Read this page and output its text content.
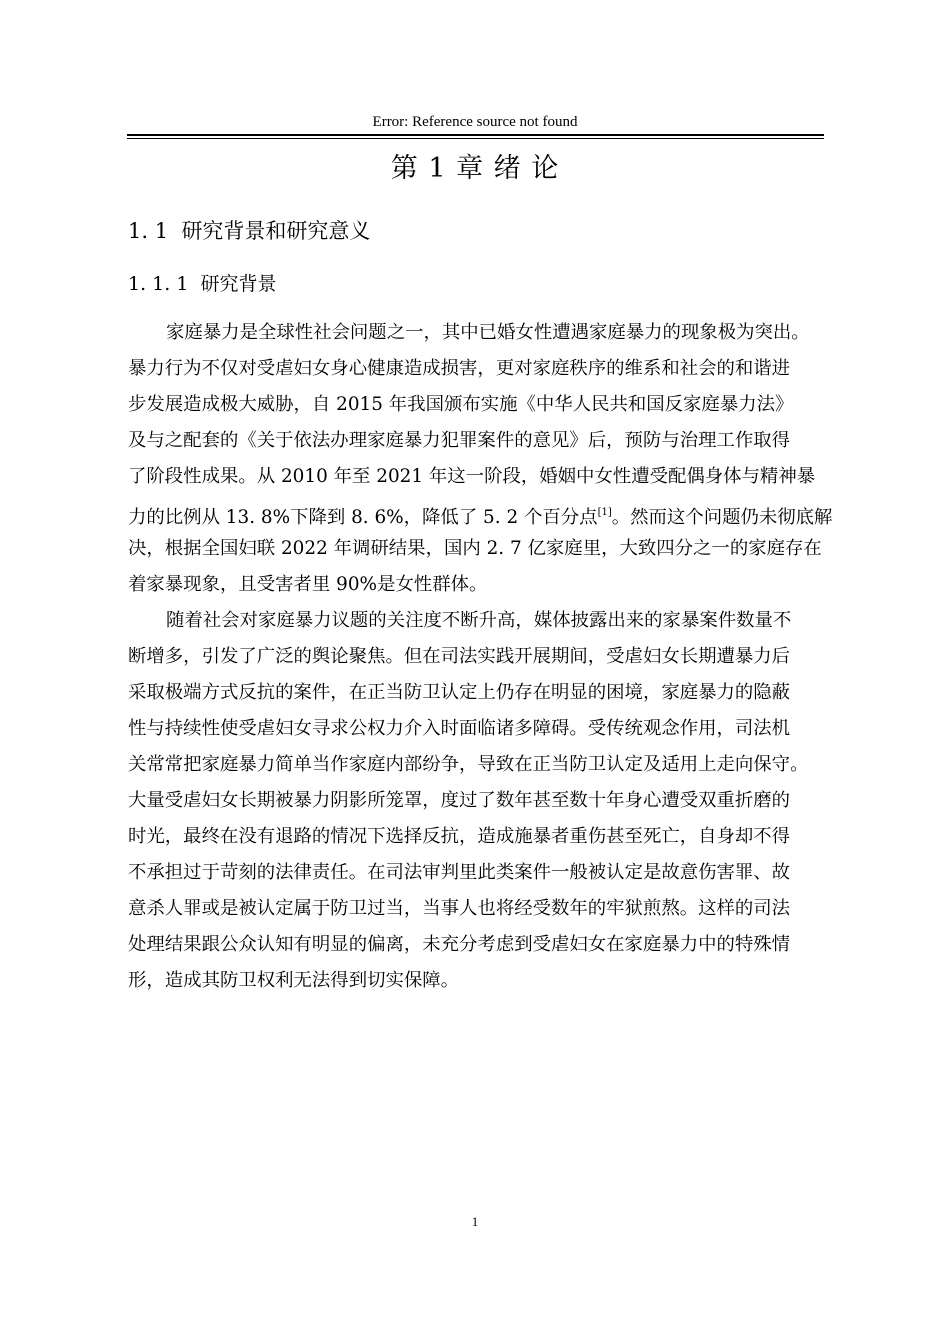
Error: Reference source not found
第 1 章 绪 论
1. 1 研究背景和研究意义
1. 1. 1 研究背景
家庭暴力是全球性社会问题之一，其中已婚女性遭遇家庭暴力的现象极为突出。
暴力行为不仅对受虐妇女身心健康造成损害，更对家庭秩序的维系和社会的和谐进
步发展造成极大威胁，自 2015 年我国颁布实施《中华人民共和国反家庭暴力法》
及与之配套的《关于依法办理家庭暴力犯罪案件的意见》后，预防与治理工作取得
了阶段性成果。从 2010 年至 2021 年这一阶段，婚姻中女性遭受配偶身体与精神暴
力的比例从 13. 8%下降到 8. 6%，降低了 5. 2 个百分点[1]。然而这个问题仍未彻底解
决，根据全国妇联 2022 年调研结果，国内 2. 7 亿家庭里，大致四分之一的家庭存在
着家暴现象，且受害者里 90%是女性群体。
随着社会对家庭暴力议题的关注度不断升高，媒体披露出来的家暴案件数量不
断增多，引发了广泛的舆论聚焦。但在司法实践开展期间，受虐妇女长期遭暴力后
采取极端方式反抗的案件，在正当防卫认定上仍存在明显的困境，家庭暴力的隐蔽
性与持续性使受虐妇女寻求公权力介入时面临诸多障碍。受传统观念作用，司法机
关常常把家庭暴力简单当作家庭内部纷争，导致在正当防卫认定及适用上走向保守。
大量受虐妇女长期被暴力阴影所笼罩，度过了数年甚至数十年身心遭受双重折磨的
时光，最终在没有退路的情况下选择反抗，造成施暴者重伤甚至死亡，自身却不得
不承担过于苛刻的法律责任。在司法审判里此类案件一般被认定是故意伤害罪、故
意杀人罪或是被认定属于防卫过当，当事人也将经受数年的牢狱煎熬。这样的司法
处理结果跟公众认知有明显的偏离，未充分考虑到受虐妇女在家庭暴力中的特殊情
形，造成其防卫权利无法得到切实保障。
1
